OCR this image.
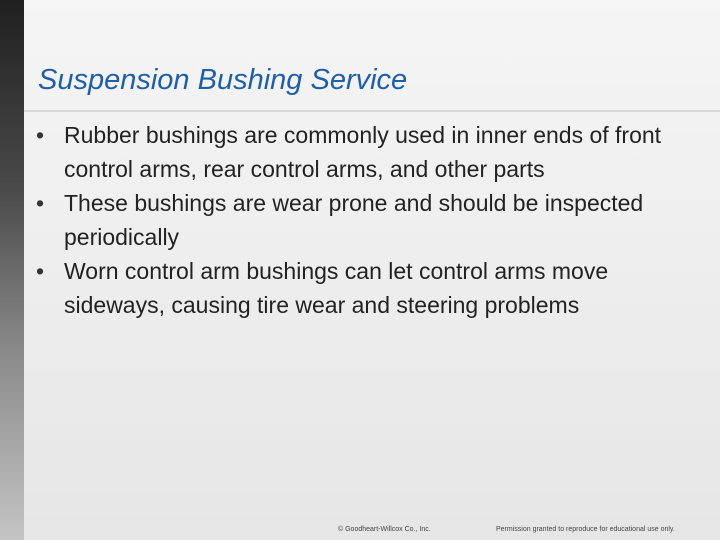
Suspension Bushing Service
• Rubber bushings are commonly used in inner ends of front control arms, rear control arms, and other parts
• These bushings are wear prone and should be inspected periodically
• Worn control arm bushings can let control arms move sideways, causing tire wear and steering problems
© Goodheart-Willcox Co., Inc.	Permission granted to reproduce for educational use only.
